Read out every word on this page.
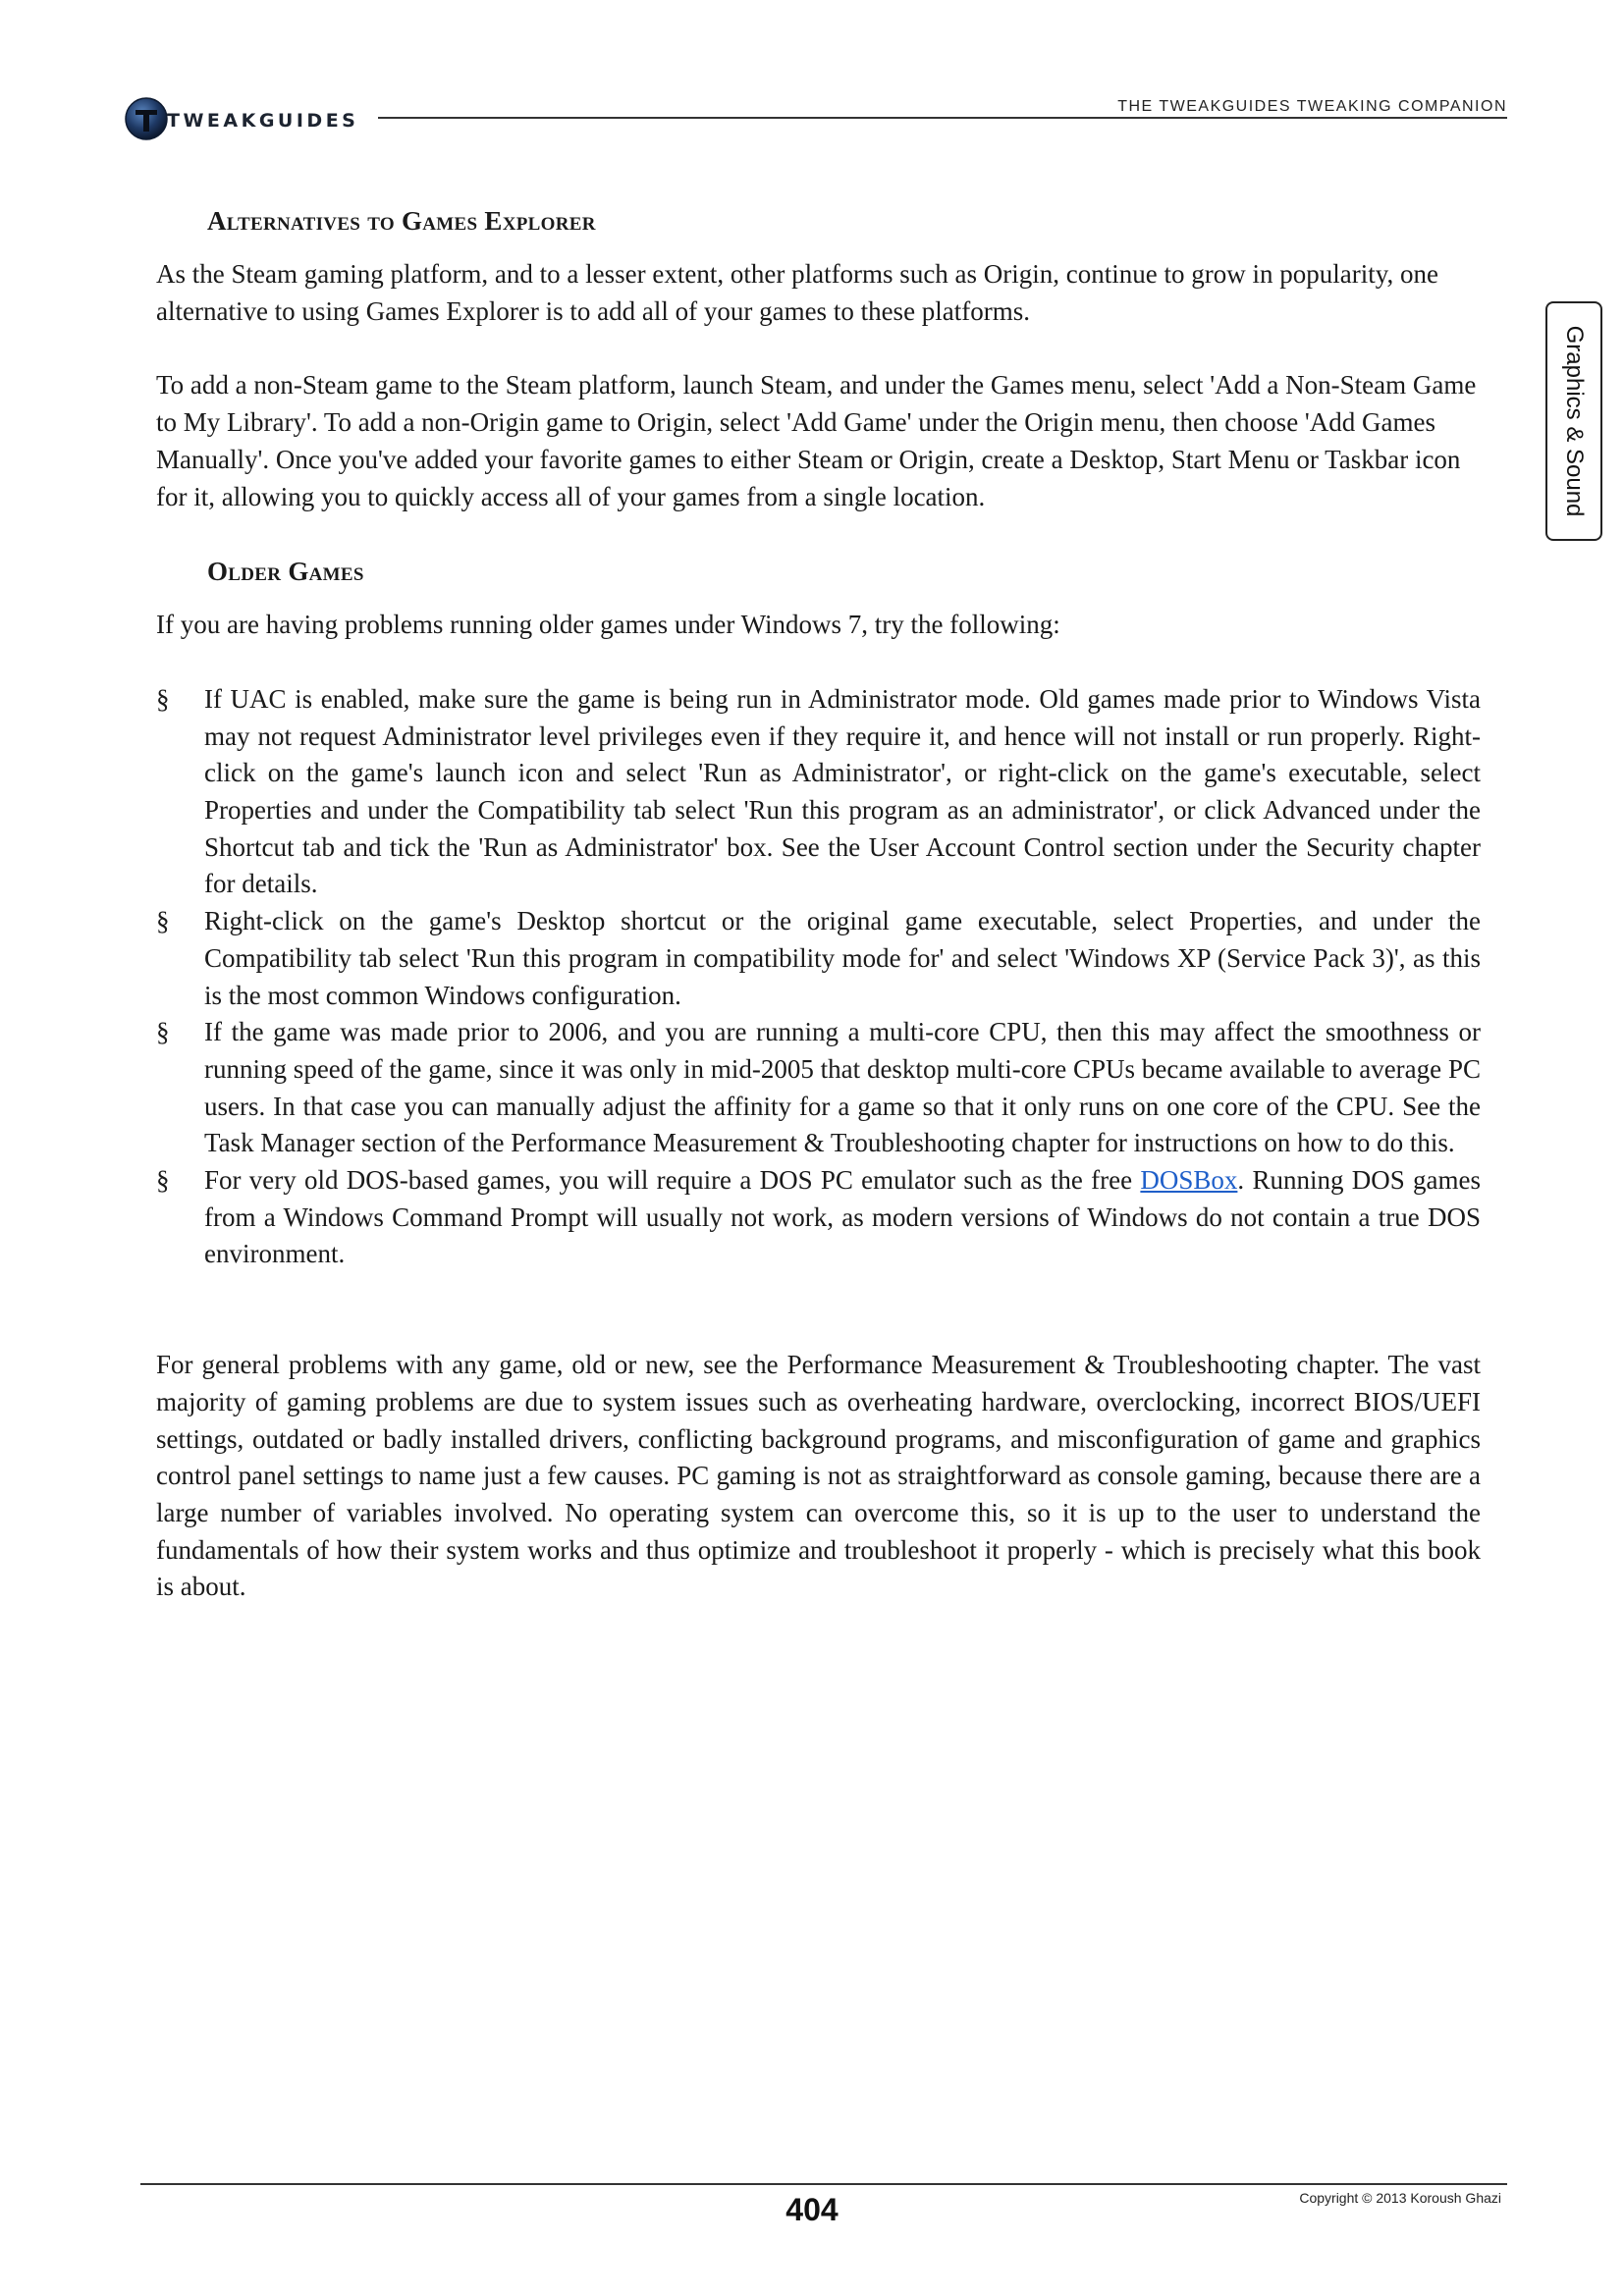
TWEAKGUIDES
THE TWEAKGUIDES TWEAKING COMPANION
Graphics & Sound
Alternatives to Games Explorer

As the Steam gaming platform, and to a lesser extent, other platforms such as Origin, continue to grow in popularity, one alternative to using Games Explorer is to add all of your games to these platforms.

To add a non-Steam game to the Steam platform, launch Steam, and under the Games menu, select 'Add a Non-Steam Game to My Library'. To add a non-Origin game to Origin, select 'Add Game' under the Origin menu, then choose 'Add Games Manually'. Once you've added your favorite games to either Steam or Origin, create a Desktop, Start Menu or Taskbar icon for it, allowing you to quickly access all of your games from a single location.

Older Games

If you are having problems running older games under Windows 7, try the following:

§ If UAC is enabled, make sure the game is being run in Administrator mode. Old games made prior to Windows Vista may not request Administrator level privileges even if they require it, and hence will not install or run properly. Right-click on the game's launch icon and select 'Run as Administrator', or right-click on the game's executable, select Properties and under the Compatibility tab select 'Run this program as an administrator', or click Advanced under the Shortcut tab and tick the 'Run as Administrator' box. See the User Account Control section under the Security chapter for details.
§ Right-click on the game's Desktop shortcut or the original game executable, select Properties, and under the Compatibility tab select 'Run this program in compatibility mode for' and select 'Windows XP (Service Pack 3)', as this is the most common Windows configuration.
§ If the game was made prior to 2006, and you are running a multi-core CPU, then this may affect the smoothness or running speed of the game, since it was only in mid-2005 that desktop multi-core CPUs became available to average PC users. In that case you can manually adjust the affinity for a game so that it only runs on one core of the CPU. See the Task Manager section of the Performance Measurement & Troubleshooting chapter for instructions on how to do this.
§ For very old DOS-based games, you will require a DOS PC emulator such as the free DOSBox. Running DOS games from a Windows Command Prompt will usually not work, as modern versions of Windows do not contain a true DOS environment.

For general problems with any game, old or new, see the Performance Measurement & Troubleshooting chapter. The vast majority of gaming problems are due to system issues such as overheating hardware, overclocking, incorrect BIOS/UEFI settings, outdated or badly installed drivers, conflicting background programs, and misconfiguration of game and graphics control panel settings to name just a few causes. PC gaming is not as straightforward as console gaming, because there are a large number of variables involved. No operating system can overcome this, so it is up to the user to understand the fundamentals of how their system works and thus optimize and troubleshoot it properly - which is precisely what this book is about.

404	Copyright © 2013 Koroush Ghazi
